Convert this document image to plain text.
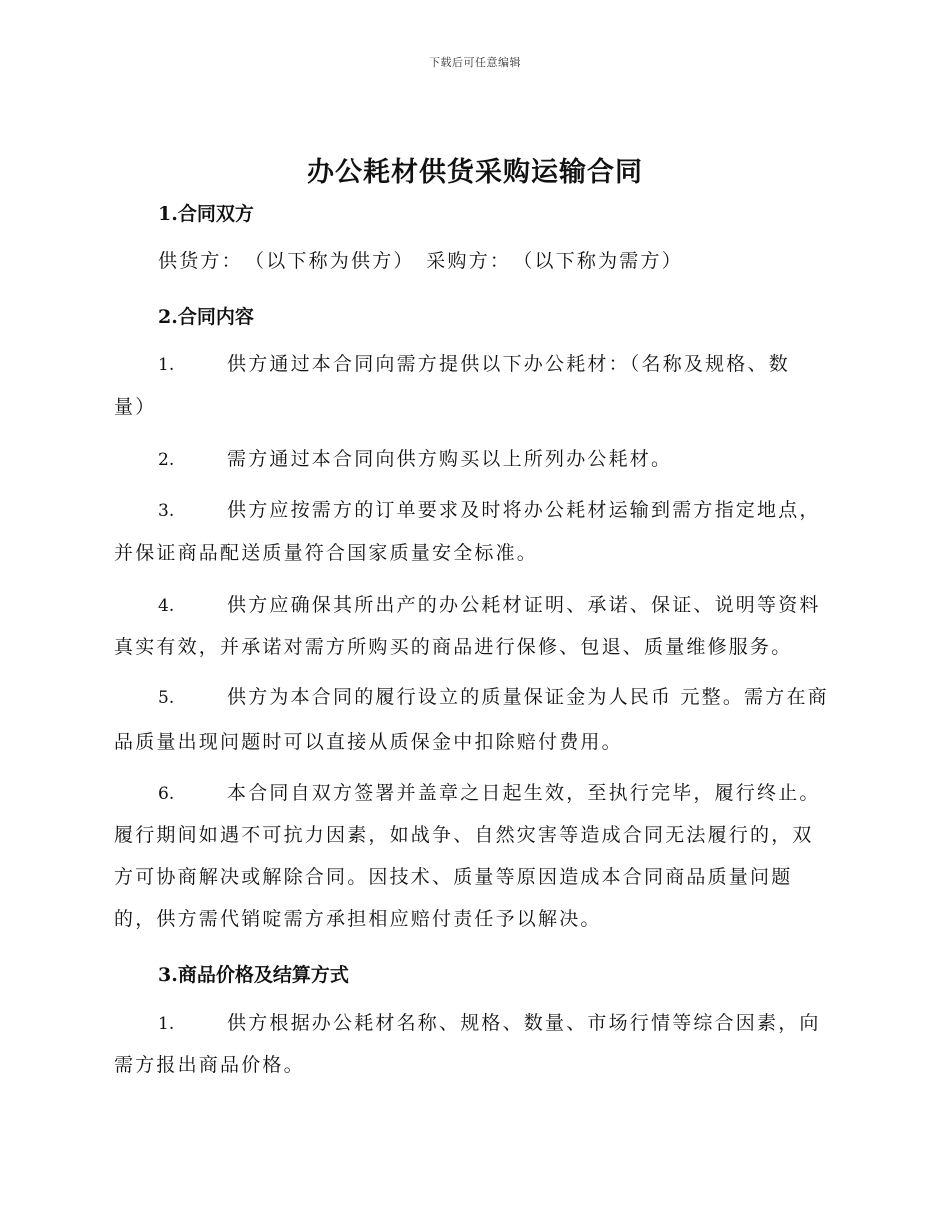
下载后可任意编辑
办公耗材供货采购运输合同
1.合同双方
供货方：　（以下称为供方）　采购方：　（以下称为需方）
2.合同内容
1.	供方通过本合同向需方提供以下办公耗材：（名称及规格、数
量）
2.	需方通过本合同向供方购买以上所列办公耗材。
3.	供方应按需方的订单要求及时将办公耗材运输到需方指定地点，
并保证商品配送质量符合国家质量安全标准。
4.	供方应确保其所出产的办公耗材证明、承诺、保证、说明等资料
真实有效，并承诺对需方所购买的商品进行保修、包退、质量维修服务。
5.	供方为本合同的履行设立的质量保证金为人民币 元整。需方在商
品质量出现问题时可以直接从质保金中扣除赔付费用。
6.	本合同自双方签署并盖章之日起生效，至执行完毕，履行终止。
履行期间如遇不可抗力因素，如战争、自然灾害等造成合同无法履行的，双
方可协商解决或解除合同。因技术、质量等原因造成本合同商品质量问题
的，供方需代销啶需方承担相应赔付责任予以解决。
3.商品价格及结算方式
1.	供方根据办公耗材名称、规格、数量、市场行情等综合因素，向
需方报出商品价格。
